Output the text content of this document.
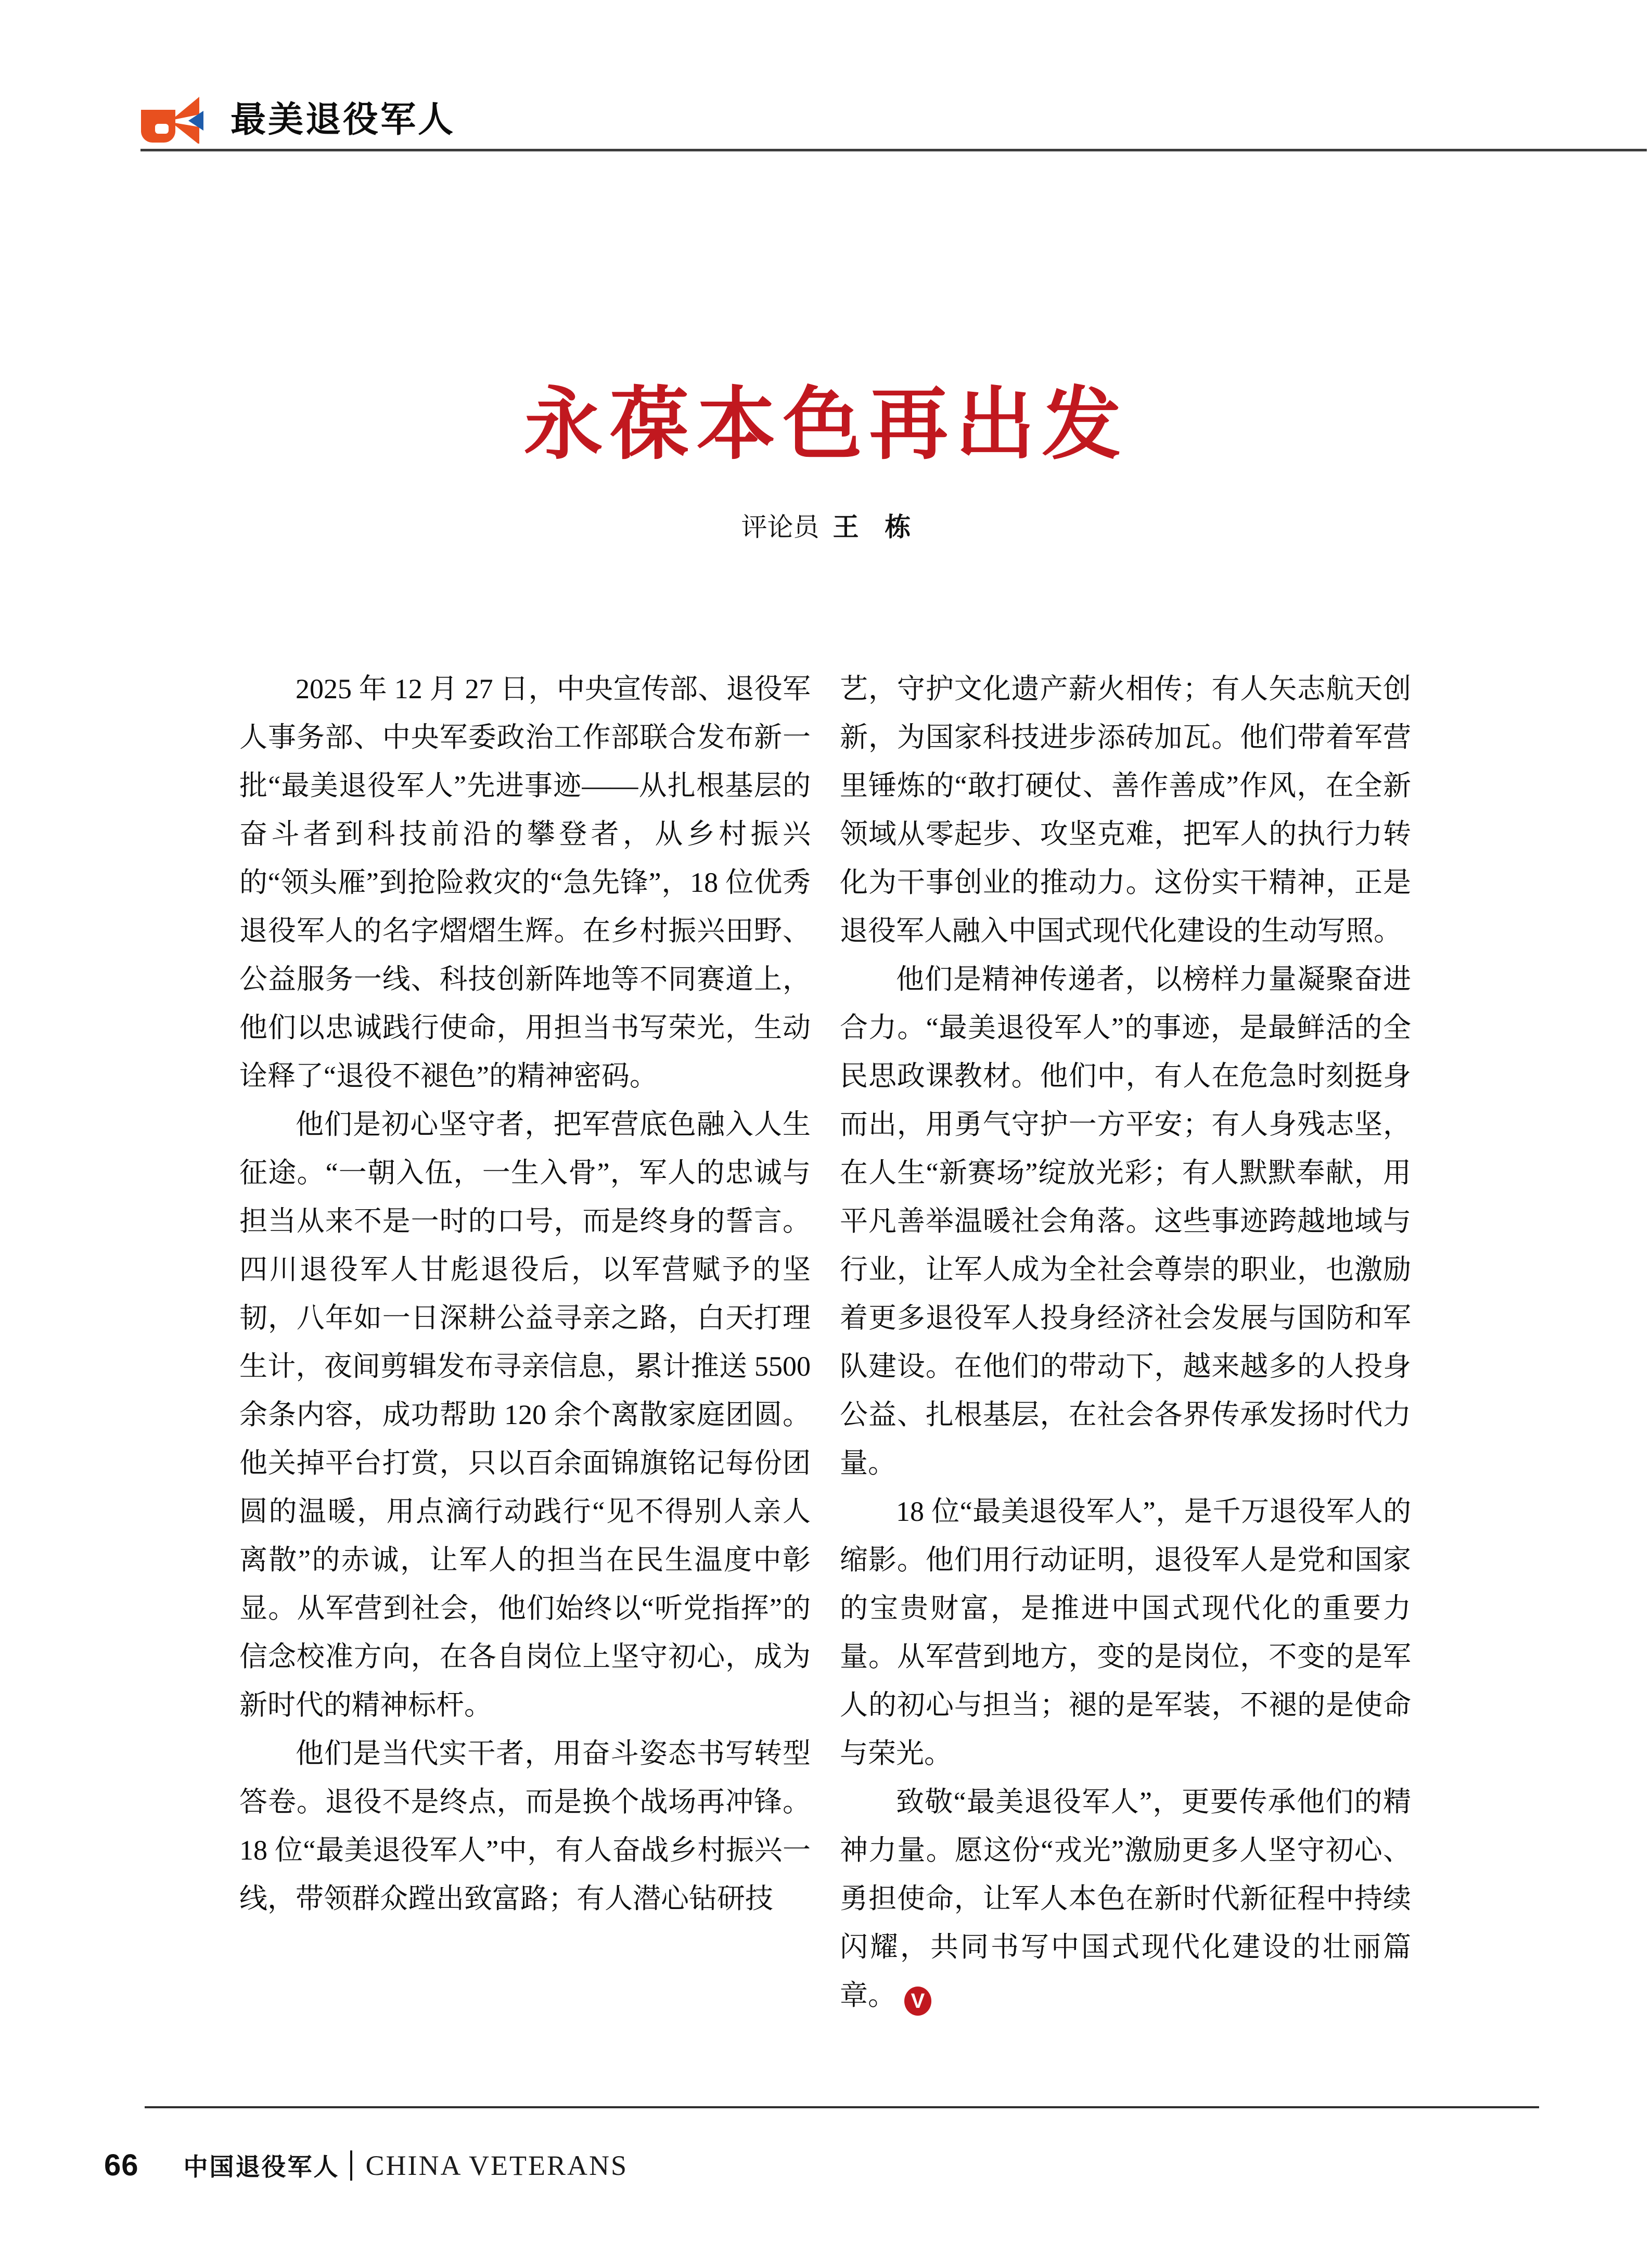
最美退役军人
永葆本色再出发
评论员 王　栋

2025 年 12 月 27 日，中央宣传部、退役军人事务部、中央军委政治工作部联合发布新一批“最美退役军人”先进事迹——从扎根基层的奋斗者到科技前沿的攀登者，从乡村振兴的“领头雁”到抢险救灾的“急先锋”，18 位优秀退役军人的名字熠熠生辉。在乡村振兴田野、公益服务一线、科技创新阵地等不同赛道上，他们以忠诚践行使命，用担当书写荣光，生动诠释了“退役不褪色”的精神密码。

他们是初心坚守者，把军营底色融入人生征途。“一朝入伍，一生入骨”，军人的忠诚与担当从来不是一时的口号，而是终身的誓言。四川退役军人甘彪退役后，以军营赋予的坚韧，八年如一日深耕公益寻亲之路，白天打理生计，夜间剪辑发布寻亲信息，累计推送 5500 余条内容，成功帮助 120 余个离散家庭团圆。他关掉平台打赏，只以百余面锦旗铭记每份团圆的温暖，用点滴行动践行“见不得别人亲人离散”的赤诚，让军人的担当在民生温度中彰显。从军营到社会，他们始终以“听党指挥”的信念校准方向，在各自岗位上坚守初心，成为新时代的精神标杆。

他们是当代实干者，用奋斗姿态书写转型答卷。退役不是终点，而是换个战场再冲锋。18 位“最美退役军人”中，有人奋战乡村振兴一线，带领群众蹚出致富路；有人潜心钻研技

艺，守护文化遗产薪火相传；有人矢志航天创新，为国家科技进步添砖加瓦。他们带着军营里锤炼的“敢打硬仗、善作善成”作风，在全新领域从零起步、攻坚克难，把军人的执行力转化为干事创业的推动力。这份实干精神，正是退役军人融入中国式现代化建设的生动写照。

他们是精神传递者，以榜样力量凝聚奋进合力。“最美退役军人”的事迹，是最鲜活的全民思政课教材。他们中，有人在危急时刻挺身而出，用勇气守护一方平安；有人身残志坚，在人生“新赛场”绽放光彩；有人默默奉献，用平凡善举温暖社会角落。这些事迹跨越地域与行业，让军人成为全社会尊崇的职业，也激励着更多退役军人投身经济社会发展与国防和军队建设。在他们的带动下，越来越多的人投身公益、扎根基层，在社会各界传承发扬时代力量。

18 位“最美退役军人”，是千万退役军人的缩影。他们用行动证明，退役军人是党和国家的宝贵财富，是推进中国式现代化的重要力量。从军营到地方，变的是岗位，不变的是军人的初心与担当；褪的是军装，不褪的是使命与荣光。

致敬“最美退役军人”，更要传承他们的精神力量。愿这份“戎光”激励更多人坚守初心、勇担使命，让军人本色在新时代新征程中持续闪耀，共同书写中国式现代化建设的壮丽篇章。 V

66 中国退役军人 CHINA VETERANS
